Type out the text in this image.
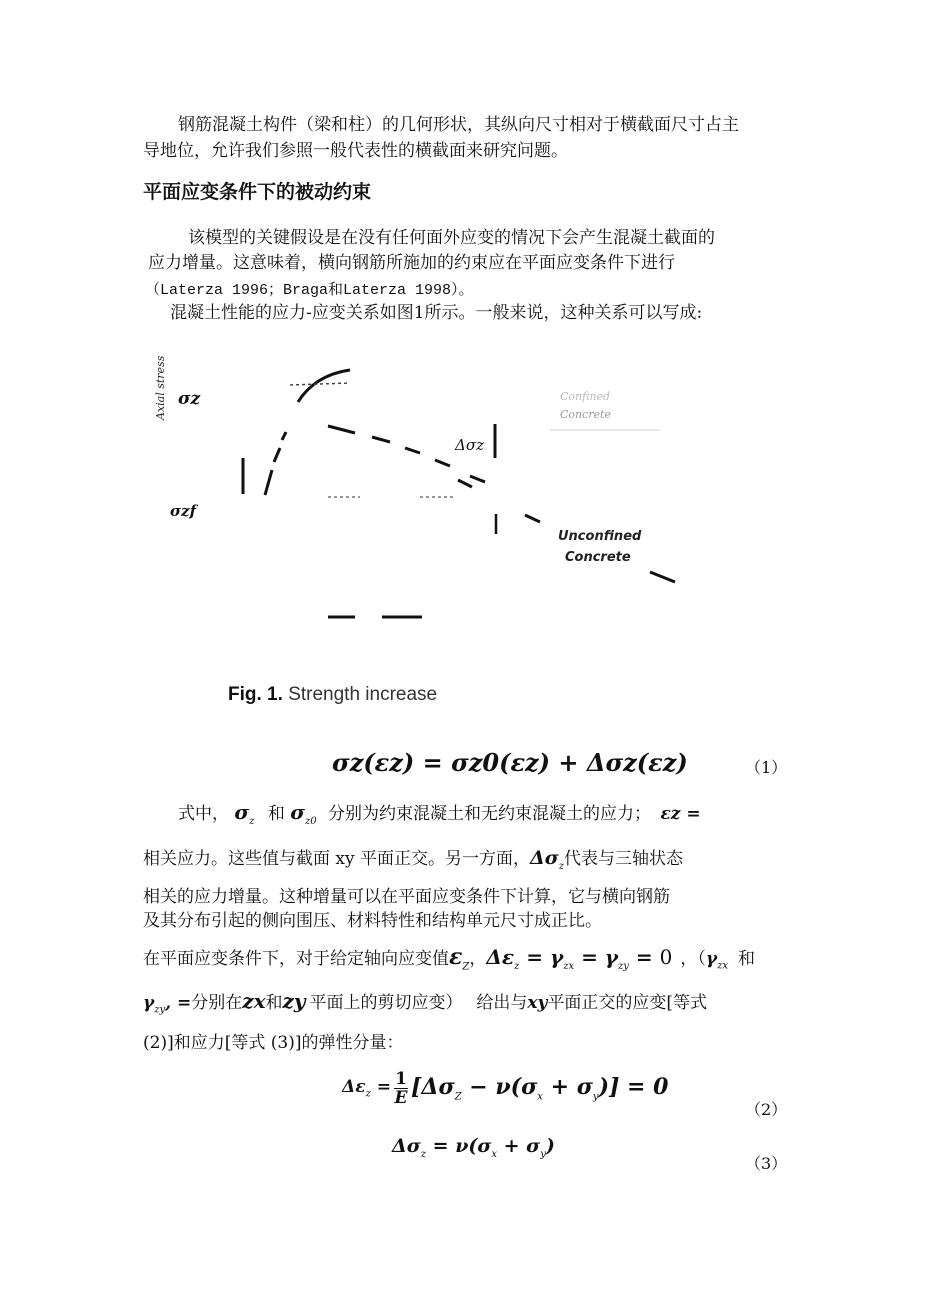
钢筋混凝土构件（梁和柱）的几何形状，其纵向尺寸相对于横截面尺寸占主
导地位，允许我们参照一般代表性的横截面来研究问题。
平面应变条件下的被动约束
该模型的关键假设是在没有任何面外应变的情况下会产生混凝土截面的
应力增量。这意味着，横向钢筋所施加的约束应在平面应变条件下进行
（Laterza 1996；Braga和Laterza 1998）。
混凝土性能的应力-应变关系如图1所示。一般来说，这种关系可以写成:
Axial stress σz
σzf
Δσz
Confined
Concrete
Unconfined
Concrete
Fig. 1. Strength increase
σz(εz) = σz0(εz) + Δσz(εz)	（1）
式中， $\sigma_z$ 和 $\sigma_{z0}$ 分别为约束混凝土和无约束混凝土的应力； εz =
相关应力。这些值与截面 xy 平面正交。另一方面，$\Delta\sigma_z$代表与三轴状态
相关的应力增量。这种增量可以在平面应变条件下计算，它与横向钢筋
及其分布引起的侧向围压、材料特性和结构单元尺寸成正比。
在平面应变条件下，对于给定轴向应变值$\varepsilon_Z$，$\Delta\varepsilon_z = \gamma_{zx} = \gamma_{zy} = 0$ ，（$\gamma_{zx}$ 和
$\gamma_{zy}$, =分别在zx和zy 平面上的剪切应变）　 给出与xy平面正交的应变[等式
(2)]和应力[等式 (3)]的弹性分量：
$\Delta\varepsilon_z = 1$
E $[\Delta\sigma_Z - \nu(\sigma_x + \sigma_y)] = 0$
（2）
$\Delta\sigma_z = \nu(\sigma_x + \sigma_y)$
（3）
